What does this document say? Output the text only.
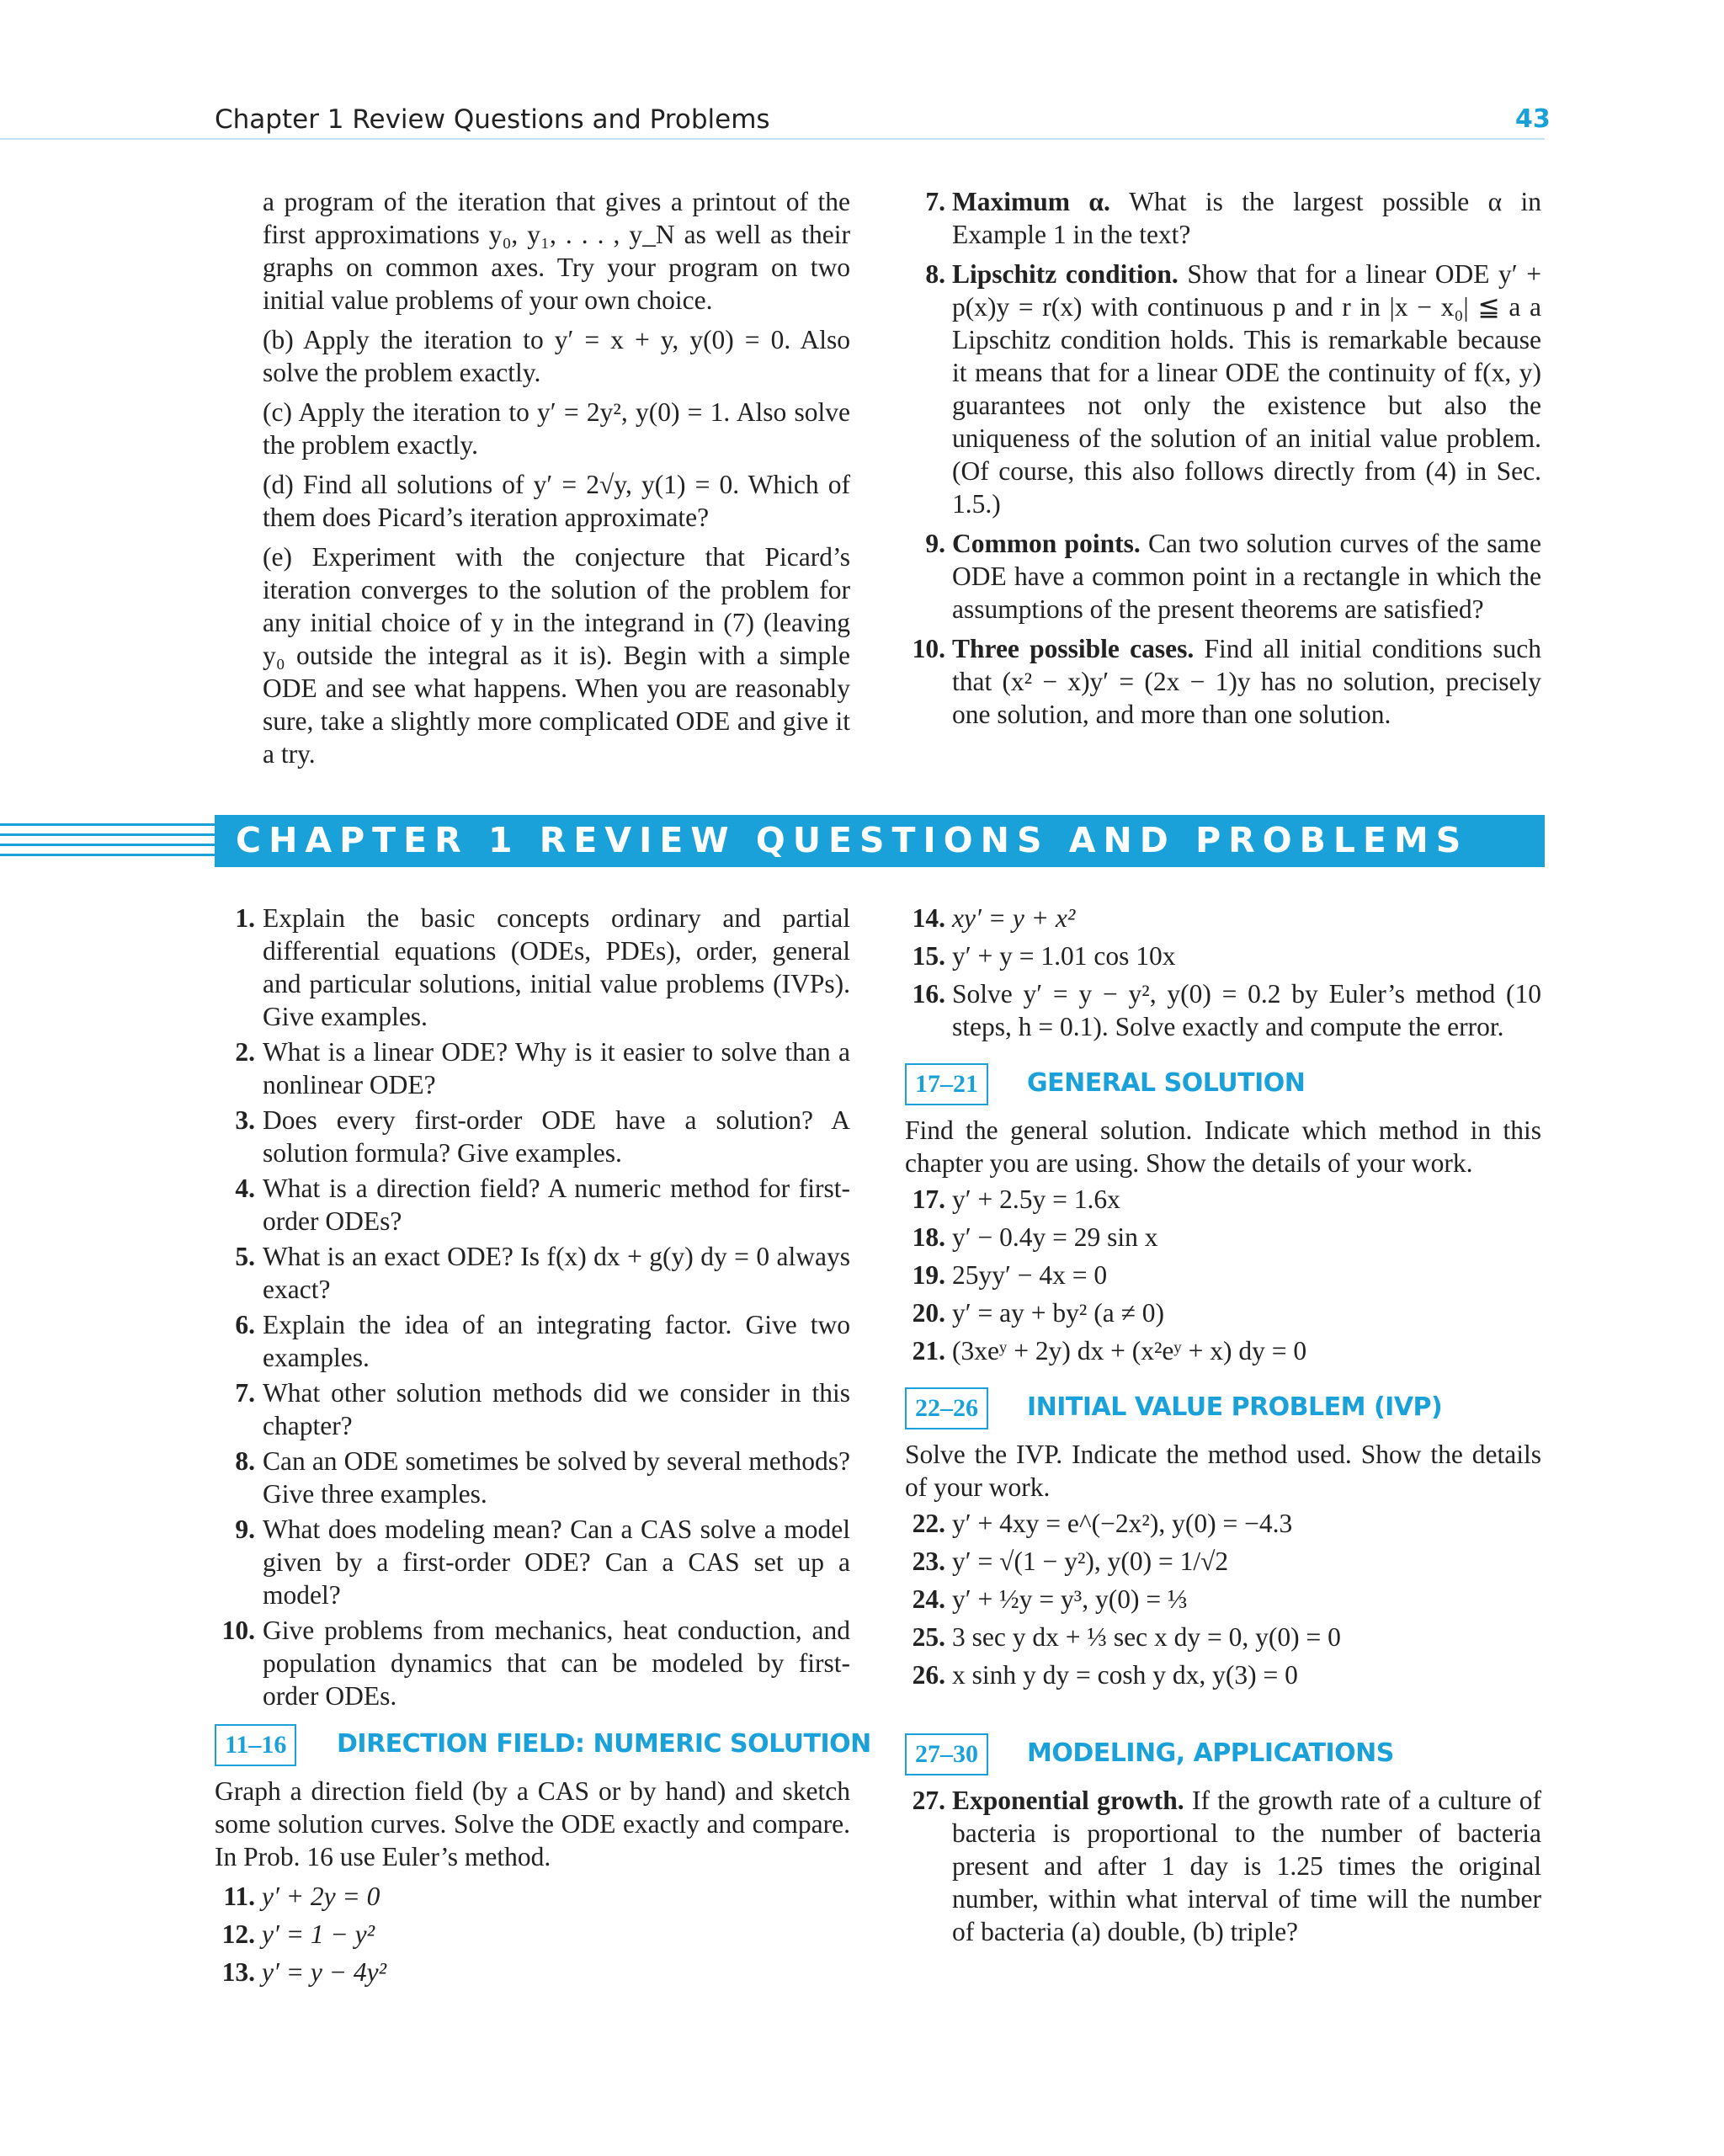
Chapter 1 Review Questions and Problems	43

a program of the iteration that gives a printout of the first approximations y₀, y₁, . . . , y_N as well as their graphs on common axes. Try your program on two initial value problems of your own choice.

(b) Apply the iteration to y′ = x + y, y(0) = 0. Also solve the problem exactly.

(c) Apply the iteration to y′ = 2y², y(0) = 1. Also solve the problem exactly.

(d) Find all solutions of y′ = 2√y, y(1) = 0. Which of them does Picard’s iteration approximate?

(e) Experiment with the conjecture that Picard’s iteration converges to the solution of the problem for any initial choice of y in the integrand in (7) (leaving y₀ outside the integral as it is). Begin with a simple ODE and see what happens. When you are reasonably sure, take a slightly more complicated ODE and give it a try.

7. Maximum α. What is the largest possible α in Example 1 in the text?

8. Lipschitz condition. Show that for a linear ODE y′ + p(x)y = r(x) with continuous p and r in |x − x₀| ≦ a a Lipschitz condition holds. This is remarkable because it means that for a linear ODE the continuity of f(x, y) guarantees not only the existence but also the uniqueness of the solution of an initial value problem. (Of course, this also follows directly from (4) in Sec. 1.5.)

9. Common points. Can two solution curves of the same ODE have a common point in a rectangle in which the assumptions of the present theorems are satisfied?

10. Three possible cases. Find all initial conditions such that (x² − x)y′ = (2x − 1)y has no solution, precisely one solution, and more than one solution.

CHAPTER 1 REVIEW QUESTIONS AND PROBLEMS

1. Explain the basic concepts ordinary and partial differential equations (ODEs, PDEs), order, general and particular solutions, initial value problems (IVPs). Give examples.

2. What is a linear ODE? Why is it easier to solve than a nonlinear ODE?

3. Does every first-order ODE have a solution? A solution formula? Give examples.

4. What is a direction field? A numeric method for first-order ODEs?

5. What is an exact ODE? Is f(x) dx + g(y) dy = 0 always exact?

6. Explain the idea of an integrating factor. Give two examples.

7. What other solution methods did we consider in this chapter?

8. Can an ODE sometimes be solved by several methods? Give three examples.

9. What does modeling mean? Can a CAS solve a model given by a first-order ODE? Can a CAS set up a model?

10. Give problems from mechanics, heat conduction, and population dynamics that can be modeled by first-order ODEs.

11–16	DIRECTION FIELD: NUMERIC SOLUTION

Graph a direction field (by a CAS or by hand) and sketch some solution curves. Solve the ODE exactly and compare. In Prob. 16 use Euler’s method.

11. y′ + 2y = 0

12. y′ = 1 − y²

13. y′ = y − 4y²

14. xy′ = y + x²

15. y′ + y = 1.01 cos 10x

16. Solve y′ = y − y², y(0) = 0.2 by Euler’s method (10 steps, h = 0.1). Solve exactly and compute the error.

17–21	GENERAL SOLUTION

Find the general solution. Indicate which method in this chapter you are using. Show the details of your work.

17. y′ + 2.5y = 1.6x

18. y′ − 0.4y = 29 sin x

19. 25yy′ − 4x = 0

20. y′ = ay + by² (a ≠ 0)

21. (3xeʸ + 2y) dx + (x²eʸ + x) dy = 0

22–26	INITIAL VALUE PROBLEM (IVP)

Solve the IVP. Indicate the method used. Show the details of your work.

22. y′ + 4xy = e^(−2x²), y(0) = −4.3

23. y′ = √(1 − y²), y(0) = 1/√2

24. y′ + ½y = y³, y(0) = ⅓

25. 3 sec y dx + ⅓ sec x dy = 0, y(0) = 0

26. x sinh y dy = cosh y dx, y(3) = 0

27–30	MODELING, APPLICATIONS

27. Exponential growth. If the growth rate of a culture of bacteria is proportional to the number of bacteria present and after 1 day is 1.25 times the original number, within what interval of time will the number of bacteria (a) double, (b) triple?
